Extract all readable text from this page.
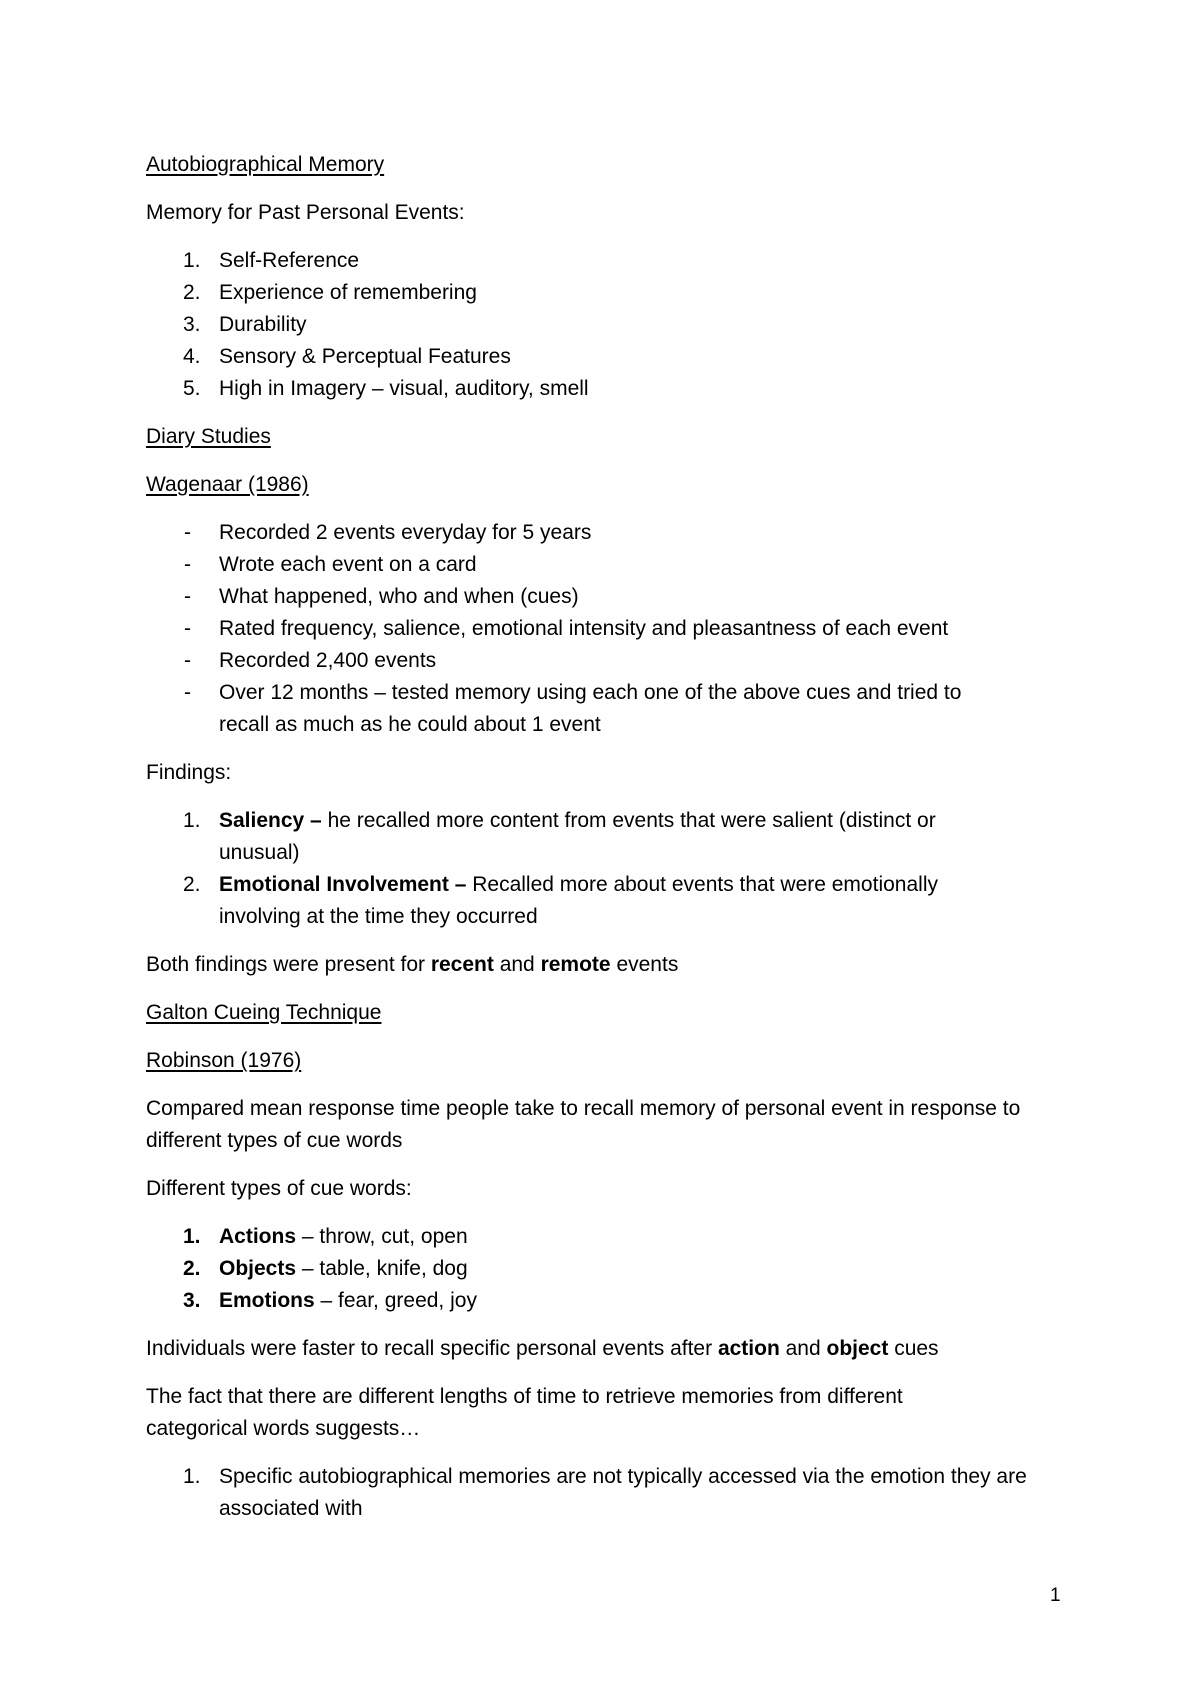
Autobiographical Memory

Memory for Past Personal Events:

1. Self-Reference
2. Experience of remembering
3. Durability
4. Sensory & Perceptual Features
5. High in Imagery – visual, auditory, smell

Diary Studies

Wagenaar (1986)

- Recorded 2 events everyday for 5 years
- Wrote each event on a card
- What happened, who and when (cues)
- Rated frequency, salience, emotional intensity and pleasantness of each event
- Recorded 2,400 events
- Over 12 months – tested memory using each one of the above cues and tried to recall as much as he could about 1 event

Findings:

1. Saliency – he recalled more content from events that were salient (distinct or unusual)
2. Emotional Involvement – Recalled more about events that were emotionally involving at the time they occurred

Both findings were present for recent and remote events

Galton Cueing Technique

Robinson (1976)

Compared mean response time people take to recall memory of personal event in response to different types of cue words

Different types of cue words:

1. Actions – throw, cut, open
2. Objects – table, knife, dog
3. Emotions – fear, greed, joy

Individuals were faster to recall specific personal events after action and object cues

The fact that there are different lengths of time to retrieve memories from different categorical words suggests…

1. Specific autobiographical memories are not typically accessed via the emotion they are associated with
1
